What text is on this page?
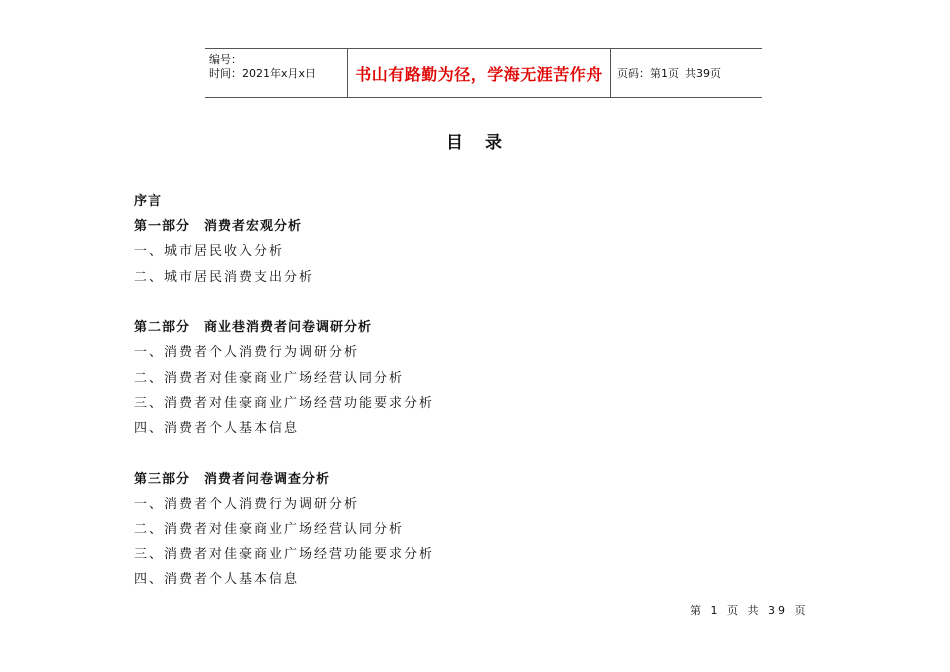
编号：
时间：2021年x月x日	书山有路勤为径，学海无涯苦作舟	页码：第1页 共39页
目录
序言
第一部分 消费者宏观分析
一、城市居民收入分析
二、城市居民消费支出分析
第二部分 商业巷消费者问卷调研分析
一、消费者个人消费行为调研分析
二、消费者对佳豪商业广场经营认同分析
三、消费者对佳豪商业广场经营功能要求分析
四、消费者个人基本信息
第三部分 消费者问卷调查分析
一、消费者个人消费行为调研分析
二、消费者对佳豪商业广场经营认同分析
三、消费者对佳豪商业广场经营功能要求分析
四、消费者个人基本信息
第 1 页 共 39 页
